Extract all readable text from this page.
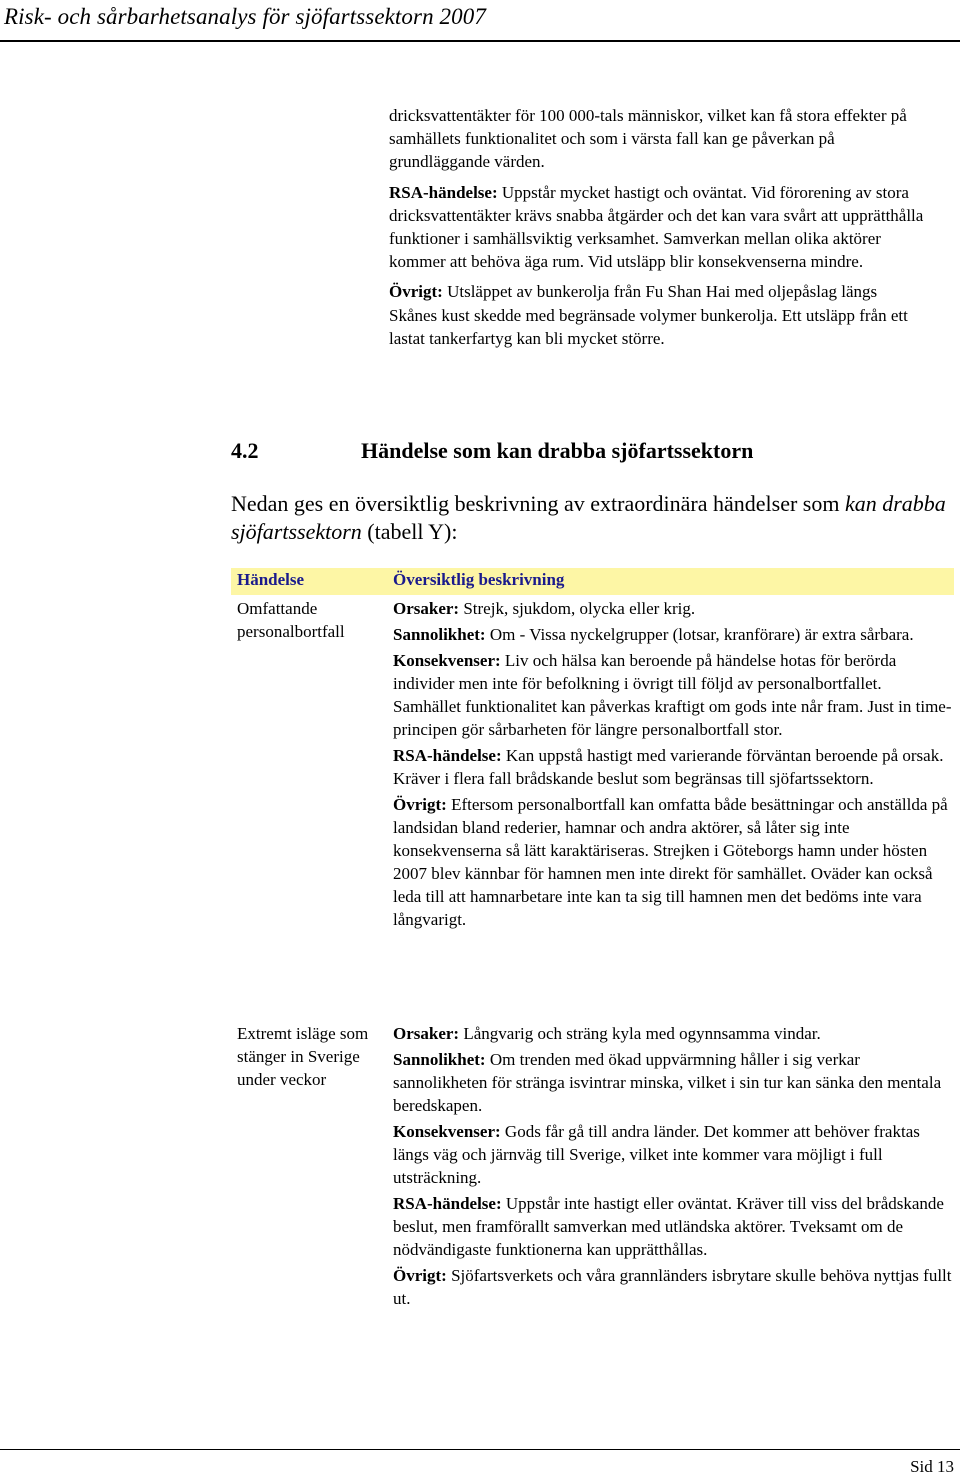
Risk- och sårbarhetsanalys för sjöfartssektorn 2007

dricksvattentäkter för 100 000-tals människor, vilket kan få stora effekter på samhällets funktionalitet och som i värsta fall kan ge påverkan på grundläggande värden.

RSA-händelse: Uppstår mycket hastigt och oväntat. Vid förorening av stora dricksvattentäkter krävs snabba åtgärder och det kan vara svårt att upprätthålla funktioner i samhällsviktig verksamhet. Samverkan mellan olika aktörer kommer att behöva äga rum. Vid utsläpp blir konsekvenserna mindre.

Övrigt: Utsläppet av bunkerolja från Fu Shan Hai med oljepåslag längs Skånes kust skedde med begränsade volymer bunkerolja. Ett utsläpp från ett lastat tankerfartyg kan bli mycket större.

4.2	Händelse som kan drabba sjöfartssektorn
Nedan ges en översiktlig beskrivning av extraordinära händelser som kan drabba sjöfartssektorn (tabell Y):
Händelse	Översiktlig beskrivning
Omfattande personalbortfall

Orsaker: Strejk, sjukdom, olycka eller krig.

Sannolikhet: Om - Vissa nyckelgrupper (lotsar, kranförare) är extra sårbara.

Konsekvenser: Liv och hälsa kan beroende på händelse hotas för berörda individer men inte för befolkning i övrigt till följd av personalbortfallet. Samhället funktionalitet kan påverkas kraftigt om gods inte når fram. Just in time-principen gör sårbarheten för längre personalbortfall stor.

RSA-händelse: Kan uppstå hastigt med varierande förväntan beroende på orsak. Kräver i flera fall brådskande beslut som begränsas till sjöfartssektorn.

Övrigt: Eftersom personalbortfall kan omfatta både besättningar och anställda på landsidan bland rederier, hamnar och andra aktörer, så låter sig inte konsekvenserna så lätt karaktäriseras. Strejken i Göteborgs hamn under hösten 2007 blev kännbar för hamnen men inte direkt för samhället. Oväder kan också leda till att hamnarbetare inte kan ta sig till hamnen men det bedöms inte vara långvarigt.

Extremt isläge som stänger in Sverige under veckor

Orsaker: Långvarig och sträng kyla med ogynnsamma vindar.

Sannolikhet: Om trenden med ökad uppvärmning håller i sig verkar sannolikheten för stränga isvintrar minska, vilket i sin tur kan sänka den mentala beredskapen.

Konsekvenser: Gods får gå till andra länder. Det kommer att behöver fraktas längs väg och järnväg till Sverige, vilket inte kommer vara möjligt i full utsträckning.

RSA-händelse: Uppstår inte hastigt eller oväntat. Kräver till viss del brådskande beslut, men framförallt samverkan med utländska aktörer. Tveksamt om de nödvändigaste funktionerna kan upprätthållas.

Övrigt: Sjöfartsverkets och våra grannländers isbrytare skulle behöva nyttjas fullt ut.

Sid 13
